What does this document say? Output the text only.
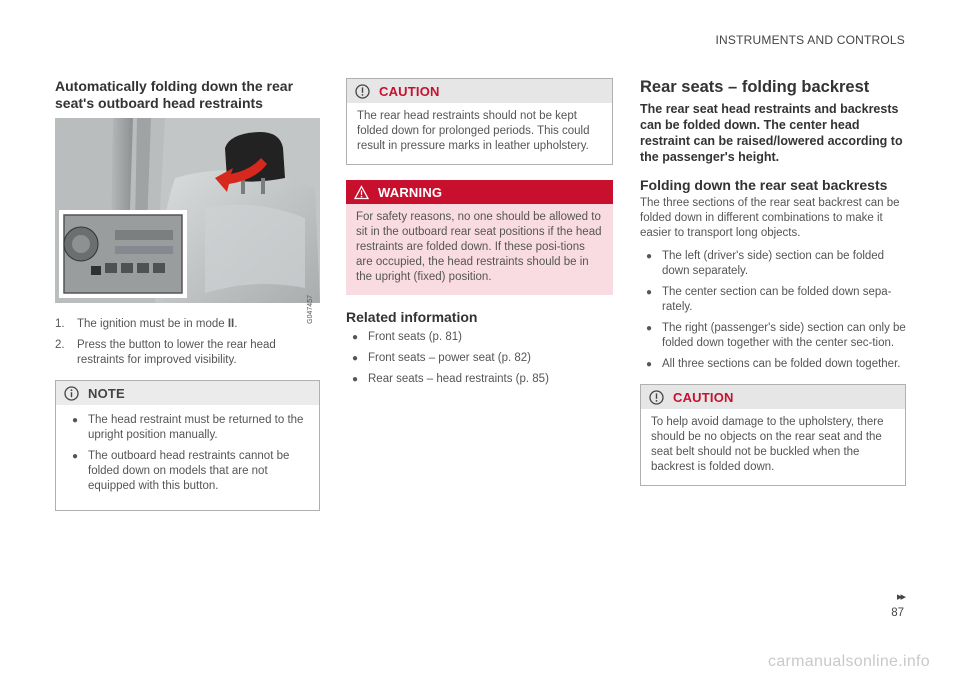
INSTRUMENTS AND CONTROLS
Automatically folding down the rear seat's outboard head restraints
G047457
1. The ignition must be in mode II.
2. Press the button to lower the rear head restraints for improved visibility.
NOTE
● The head restraint must be returned to the upright position manually.
● The outboard head restraints cannot be folded down on models that are not equipped with this button.
CAUTION
The rear head restraints should not be kept folded down for prolonged periods. This could result in pressure marks in leather upholstery.
WARNING
For safety reasons, no one should be allowed to sit in the outboard rear seat positions if the head restraints are folded down. If these posi-tions are occupied, the head restraints should be in the upright (fixed) position.
Related information
● Front seats (p. 81)
● Front seats – power seat (p. 82)
● Rear seats – head restraints (p. 85)
Rear seats – folding backrest

The rear seat head restraints and backrests can be folded down. The center head restraint can be raised/lowered according to the passenger's height.

Folding down the rear seat backrests

The three sections of the rear seat backrest can be folded down in different combinations to make it easier to transport long objects.

● The left (driver's side) section can be folded down separately.
● The center section can be folded down sepa-rately.
● The right (passenger's side) section can only be folded down together with the center sec-tion.
● All three sections can be folded down together.
CAUTION
To help avoid damage to the upholstery, there should be no objects on the rear seat and the seat belt should not be buckled when the backrest is folded down.
▸▸
87
carmanualsonline.info
